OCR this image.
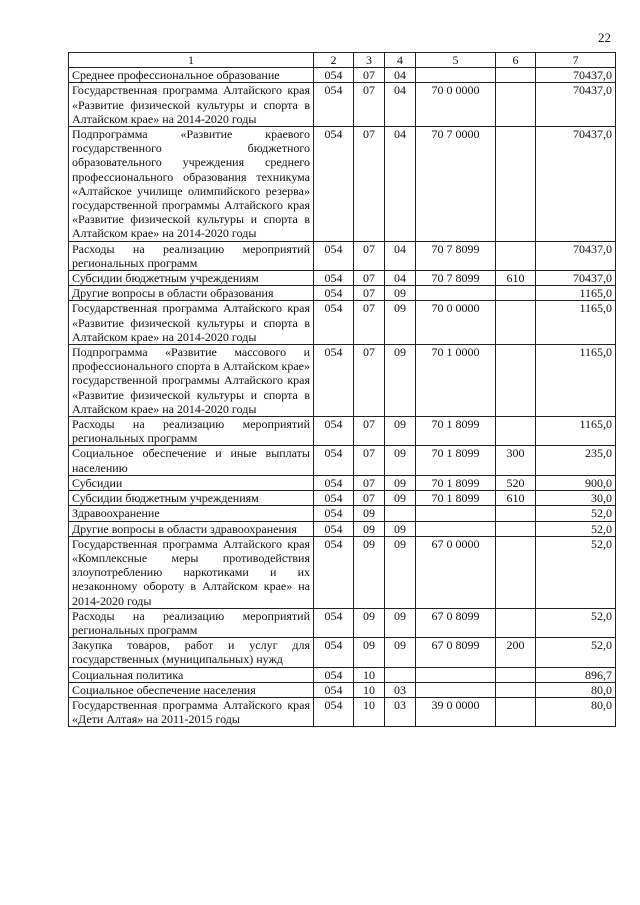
22
1	2	3	4	5	6	7
Среднее профессиональное образование	054	07	04			70437,0
Государственная программа Алтайского края «Развитие физической культуры и спорта в Алтайском крае» на 2014-2020 годы	054	07	04	70 0 0000		70437,0
Подпрограмма «Развитие краевого государственного бюджетного образовательного учреждения среднего профессионального образования техникума «Алтайское училище олимпийского резерва» государственной программы Алтайского края «Развитие физической культуры и спорта в Алтайском крае» на 2014-2020 годы	054	07	04	70 7 0000		70437,0
Расходы на реализацию мероприятий региональных программ	054	07	04	70 7 8099		70437,0
Субсидии бюджетным учреждениям	054	07	04	70 7 8099	610	70437,0
Другие вопросы в области образования	054	07	09			1165,0
Государственная программа Алтайского края «Развитие физической культуры и спорта в Алтайском крае» на 2014-2020 годы	054	07	09	70 0 0000		1165,0
Подпрограмма «Развитие массового и профессионального спорта в Алтайском крае» государственной программы Алтайского края «Развитие физической культуры и спорта в Алтайском крае» на 2014-2020 годы	054	07	09	70 1 0000		1165,0
Расходы на реализацию мероприятий региональных программ	054	07	09	70 1 8099		1165,0
Социальное обеспечение и иные выплаты населению	054	07	09	70 1 8099	300	235,0
Субсидии	054	07	09	70 1 8099	520	900,0
Субсидии бюджетным учреждениям	054	07	09	70 1 8099	610	30,0
Здравоохранение	054	09				52,0
Другие вопросы в области здравоохранения	054	09	09			52,0
Государственная программа Алтайского края «Комплексные меры противодействия злоупотреблению наркотиками и их незаконному обороту в Алтайском крае» на 2014-2020 годы	054	09	09	67 0 0000		52,0
Расходы на реализацию мероприятий региональных программ	054	09	09	67 0 8099		52,0
Закупка товаров, работ и услуг для государственных (муниципальных) нужд	054	09	09	67 0 8099	200	52,0
Социальная политика	054	10				896,7
Социальное обеспечение населения	054	10	03			80,0
Государственная программа Алтайского края «Дети Алтая» на 2011-2015 годы	054	10	03	39 0 0000		80,0
